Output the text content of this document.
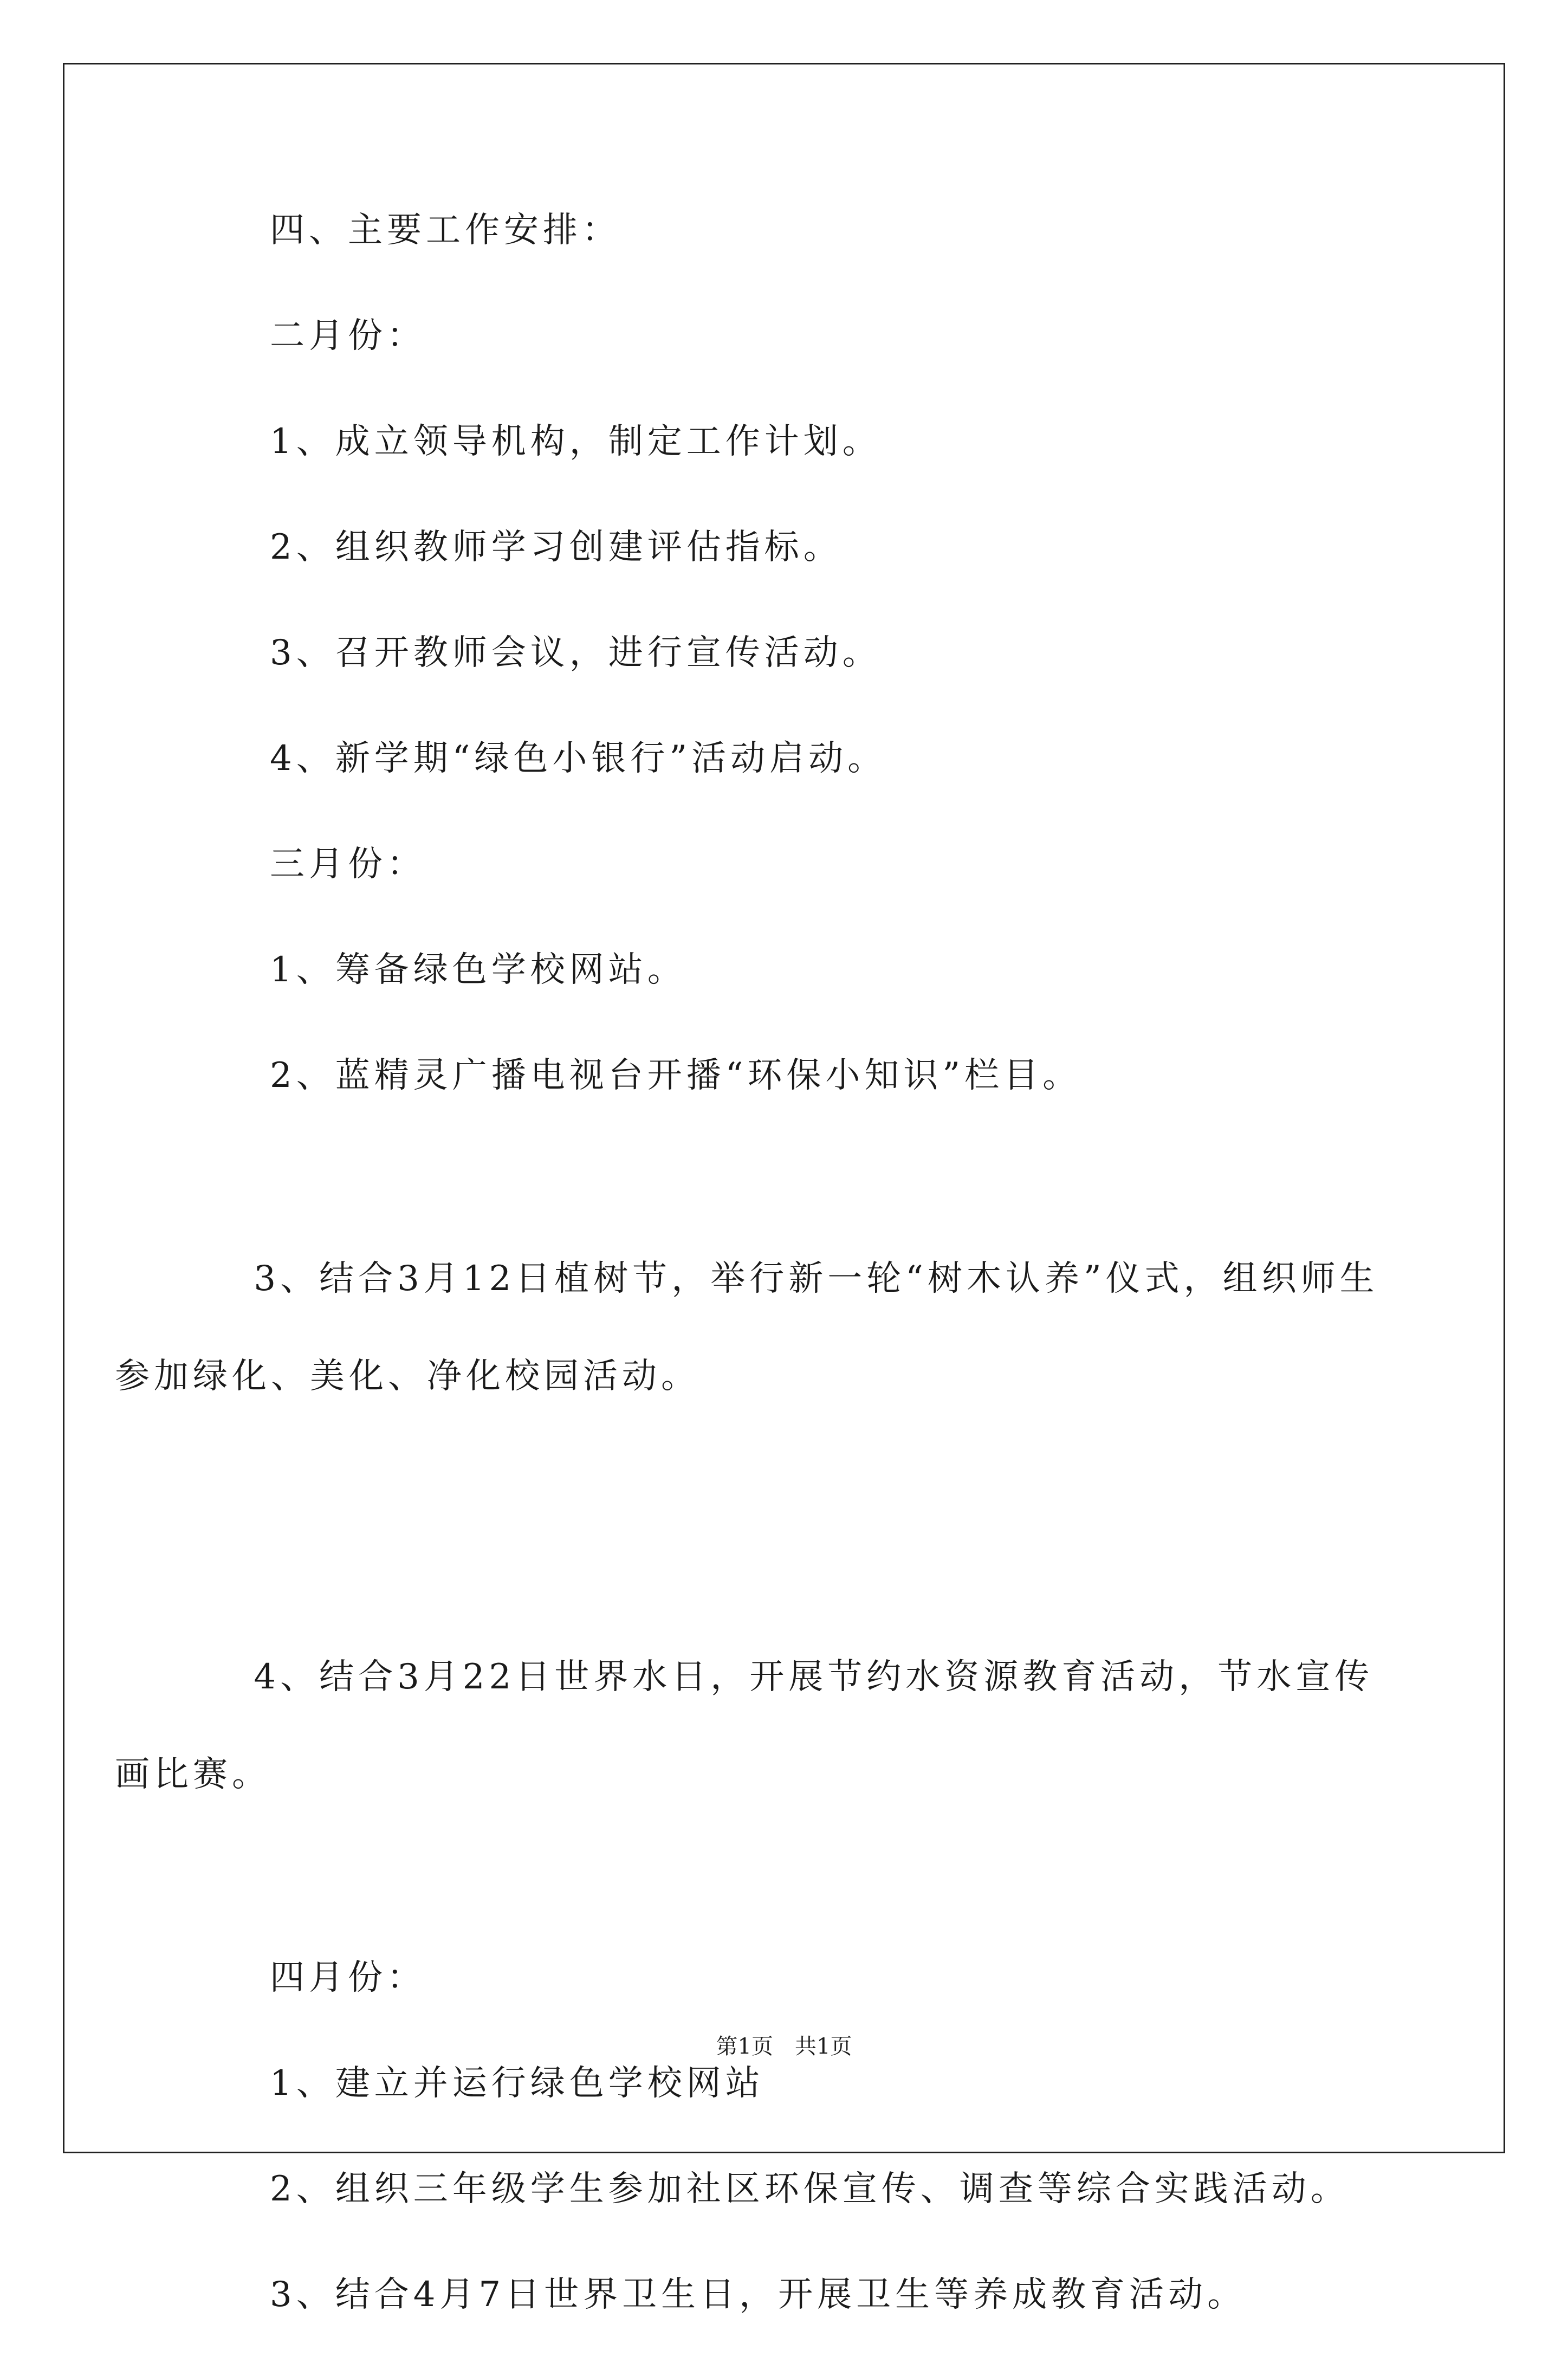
四、主要工作安排：

二月份：

1、成立领导机构，制定工作计划。

2、组织教师学习创建评估指标。

3、召开教师会议，进行宣传活动。

4、新学期“绿色小银行”活动启动。

三月份：

1、筹备绿色学校网站。

2、蓝精灵广播电视台开播“环保小知识”栏目。

3、结合3月12日植树节，举行新一轮“树木认养”仪式，组织师生参加绿化、美化、净化校园活动。

4、结合3月22日世界水日，开展节约水资源教育活动，节水宣传画比赛。

四月份：

1、建立并运行绿色学校网站

2、组织三年级学生参加社区环保宣传、调查等综合实践活动。

3、结合4月7日世界卫生日，开展卫生等养成教育活动。

第1页　共1页
